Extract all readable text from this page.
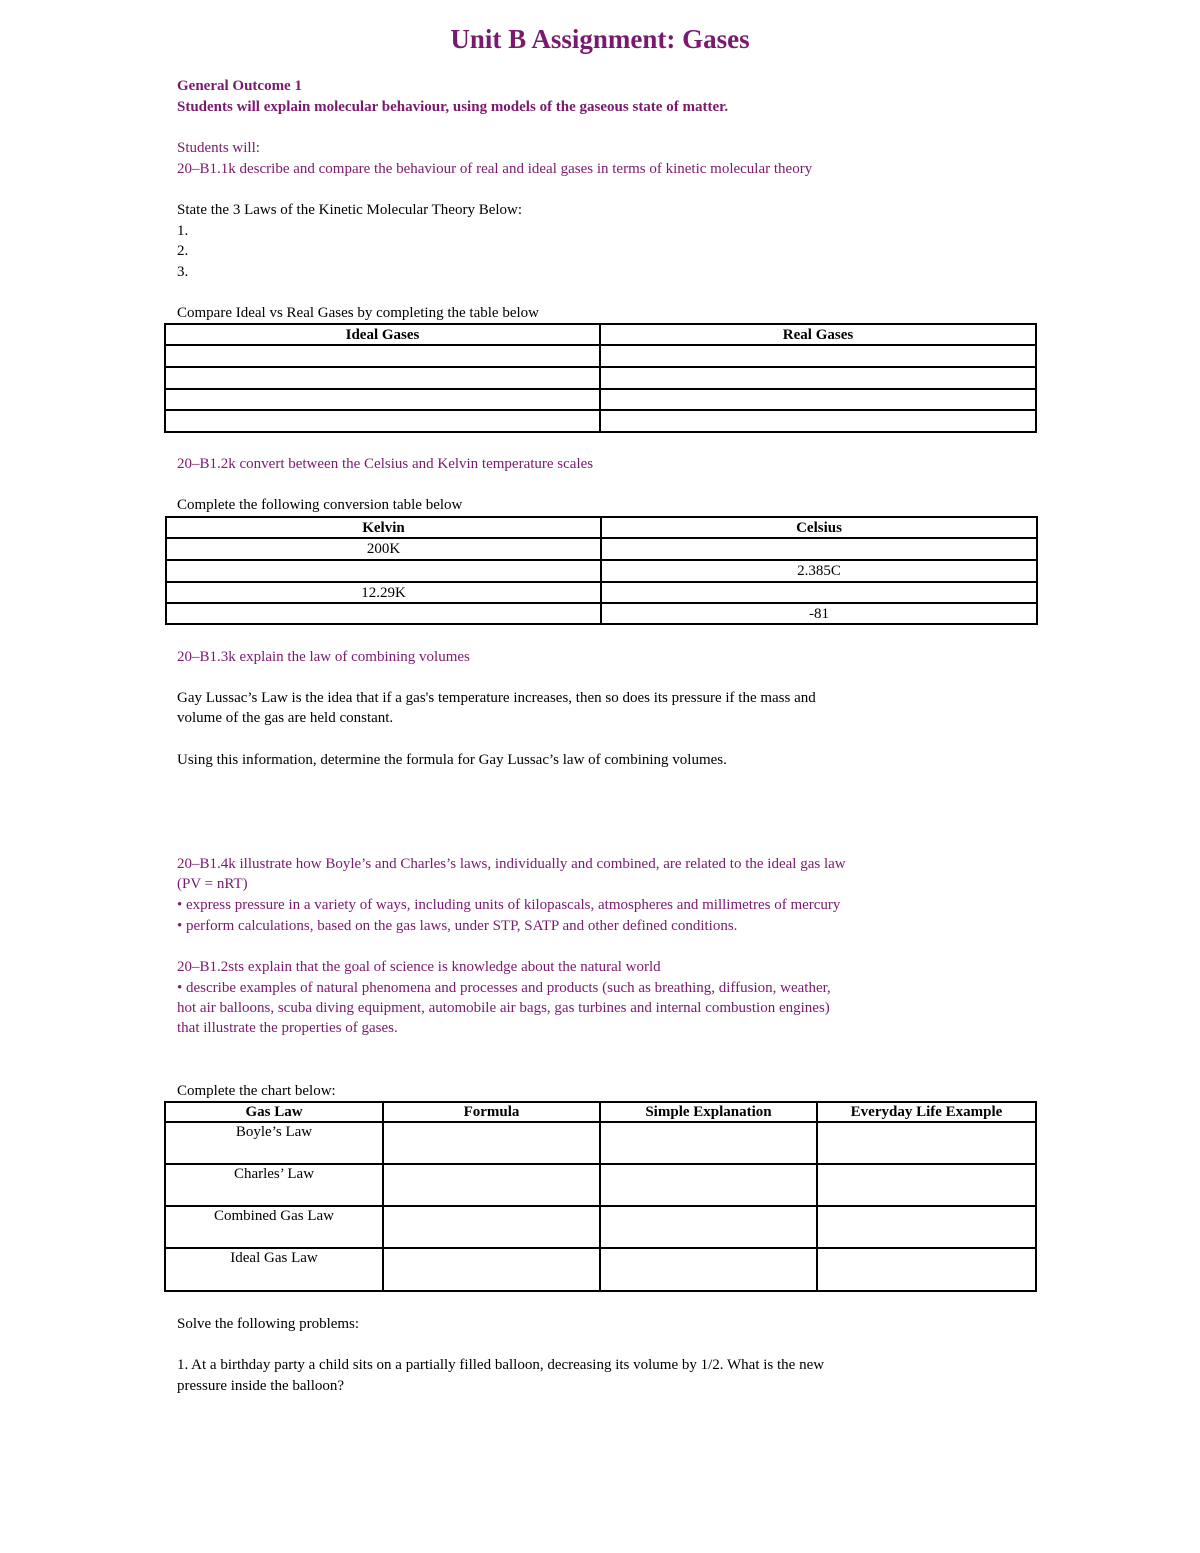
Unit B Assignment: Gases
General Outcome 1
Students will explain molecular behaviour, using models of the gaseous state of matter.
Students will:
20–B1.1k describe and compare the behaviour of real and ideal gases in terms of kinetic molecular theory
State the 3 Laws of the Kinetic Molecular Theory Below:
1.
2.
3.
Compare Ideal vs Real Gases by completing the table below
Ideal Gases	Real Gases

20–B1.2k convert between the Celsius and Kelvin temperature scales
Complete the following conversion table below
Kelvin	Celsius

200K	

	2.385C

12.29K	

	-81
20–B1.3k explain the law of combining volumes
Gay Lussac’s Law is the idea that if a gas's temperature increases, then so does its pressure if the mass and
volume of the gas are held constant.
Using this information, determine the formula for Gay Lussac’s law of combining volumes.
20–B1.4k illustrate how Boyle’s and Charles’s laws, individually and combined, are related to the ideal gas law
(PV = nRT)
• express pressure in a variety of ways, including units of kilopascals, atmospheres and millimetres of mercury
• perform calculations, based on the gas laws, under STP, SATP and other defined conditions.
20–B1.2sts explain that the goal of science is knowledge about the natural world
• describe examples of natural phenomena and processes and products (such as breathing, diffusion, weather,
hot air balloons, scuba diving equipment, automobile air bags, gas turbines and internal combustion engines)
that illustrate the properties of gases.
Complete the chart below:
Gas Law	Formula	Simple Explanation	Everyday Life Example

Boyle’s Law			

Charles’ Law			

Combined Gas Law			

Ideal Gas Law			

Solve the following problems:
1. At a birthday party a child sits on a partially filled balloon, decreasing its volume by 1/2. What is the new
pressure inside the balloon?
